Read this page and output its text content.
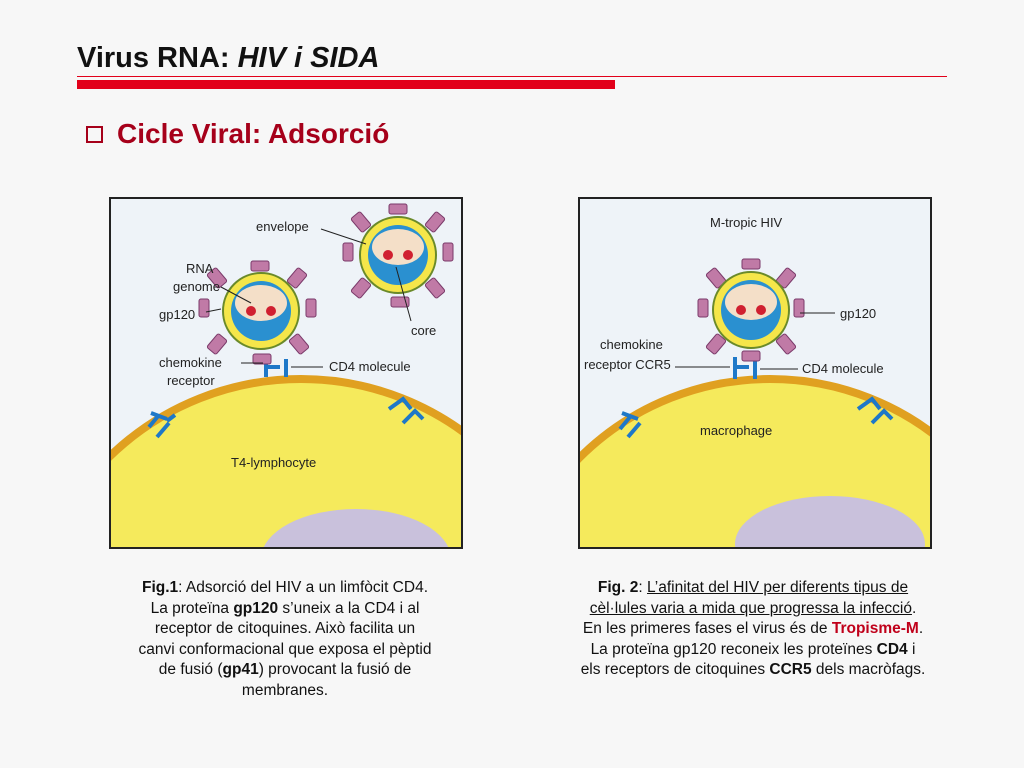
Virus RNA: HIV i SIDA
Cicle Viral: Adsorció
envelope
RNA
genome
gp120
core
chemokine
receptor
CD4 molecule
T4-lymphocyte
M-tropic HIV
gp120
chemokine
receptor CCR5	CD4 molecule
macrophage
Fig.1: Adsorció del HIV a un limfòcit CD4.
La proteïna gp120 s’uneix a la CD4 i al
receptor de citoquines. Això facilita un
canvi conformacional que exposa el pèptid
de fusió (gp41) provocant la fusió de
membranes.
Fig. 2: L’afinitat del HIV per diferents tipus de
cèl·lules varia a mida que progressa la infecció.
En les primeres fases el virus és de Tropisme-M.
La proteïna gp120 reconeix les proteïnes CD4 i
els receptors de citoquines CCR5 dels macròfags.
